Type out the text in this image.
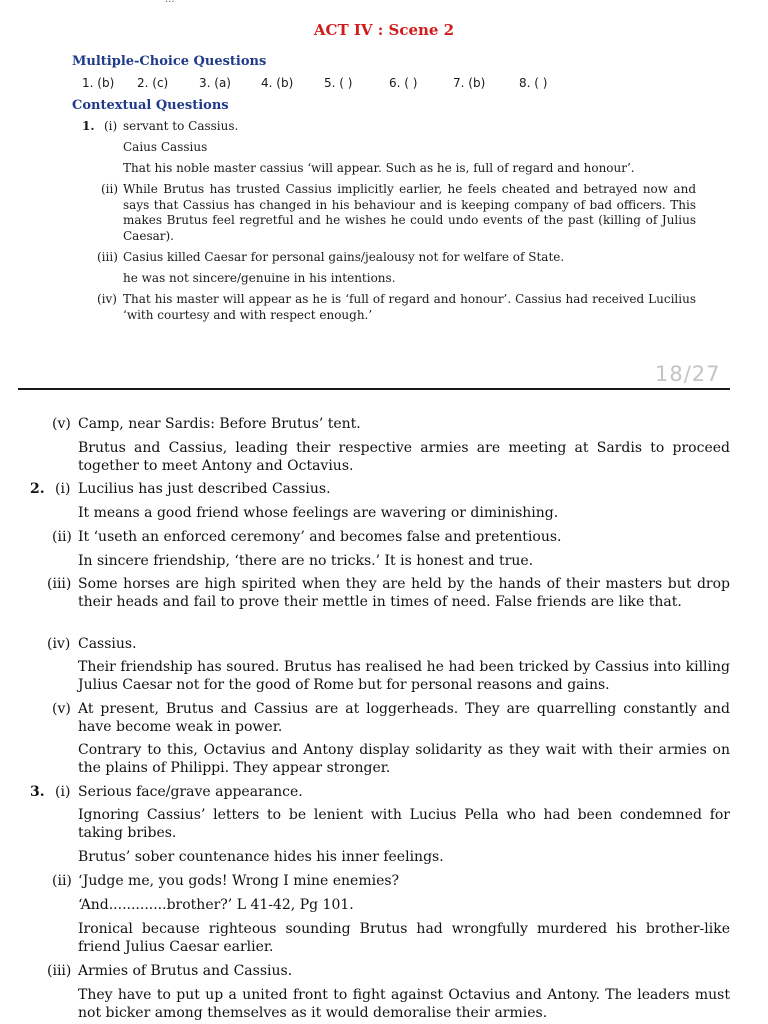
ACT IV : Scene 2
Multiple-Choice Questions
1. (b) 2. (c)	3. (a)	4. (b)	5. ( )	6. ( )	7. (b)	8. ( )
Contextual Questions
1. (i) servant to Cassius.
Caius Cassius
That his noble master cassius ‘will appear. Such as he is, full of regard and honour’.
(ii) While Brutus has trusted Cassius implicitly earlier, he feels cheated and betrayed now and says that Cassius has changed in his behaviour and is keeping company of bad officers. This makes Brutus feel regretful and he wishes he could undo events of the past (killing of Julius Caesar).
(iii) Casius killed Caesar for personal gains/jealousy not for welfare of State.
he was not sincere/genuine in his intentions.
(iv) That his master will appear as he is ‘full of regard and honour’. Cassius had received Lucilius ‘with courtesy and with respect enough.’
18/27
(v) Camp, near Sardis: Before Brutus’ tent.
Brutus and Cassius, leading their respective armies are meeting at Sardis to proceed together to meet Antony and Octavius.
2. (i) Lucilius has just described Cassius.
It means a good friend whose feelings are wavering or diminishing.
(ii) It ‘useth an enforced ceremony’ and becomes false and pretentious.
In sincere friendship, ‘there are no tricks.’ It is honest and true.
(iii) Some horses are high spirited when they are held by the hands of their masters but drop their heads and fail to prove their mettle in times of need. False friends are like that.
(iv) Cassius.
Their friendship has soured. Brutus has realised he had been tricked by Cassius into killing Julius Caesar not for the good of Rome but for personal reasons and gains.
(v) At present, Brutus and Cassius are at loggerheads. They are quarrelling constantly and have become weak in power.
Contrary to this, Octavius and Antony display solidarity as they wait with their armies on the plains of Philippi. They appear stronger.
3. (i) Serious face/grave appearance.
Ignoring Cassius’ letters to be lenient with Lucius Pella who had been condemned for taking bribes.
Brutus’ sober countenance hides his inner feelings.
(ii) ‘Judge me, you gods! Wrong I mine enemies?
‘And.............brother?’ L 41-42, Pg 101.
Ironical because righteous sounding Brutus had wrongfully murdered his brother-like friend Julius Caesar earlier.
(iii) Armies of Brutus and Cassius.
They have to put up a united front to fight against Octavius and Antony. The leaders must not bicker among themselves as it would demoralise their armies.
